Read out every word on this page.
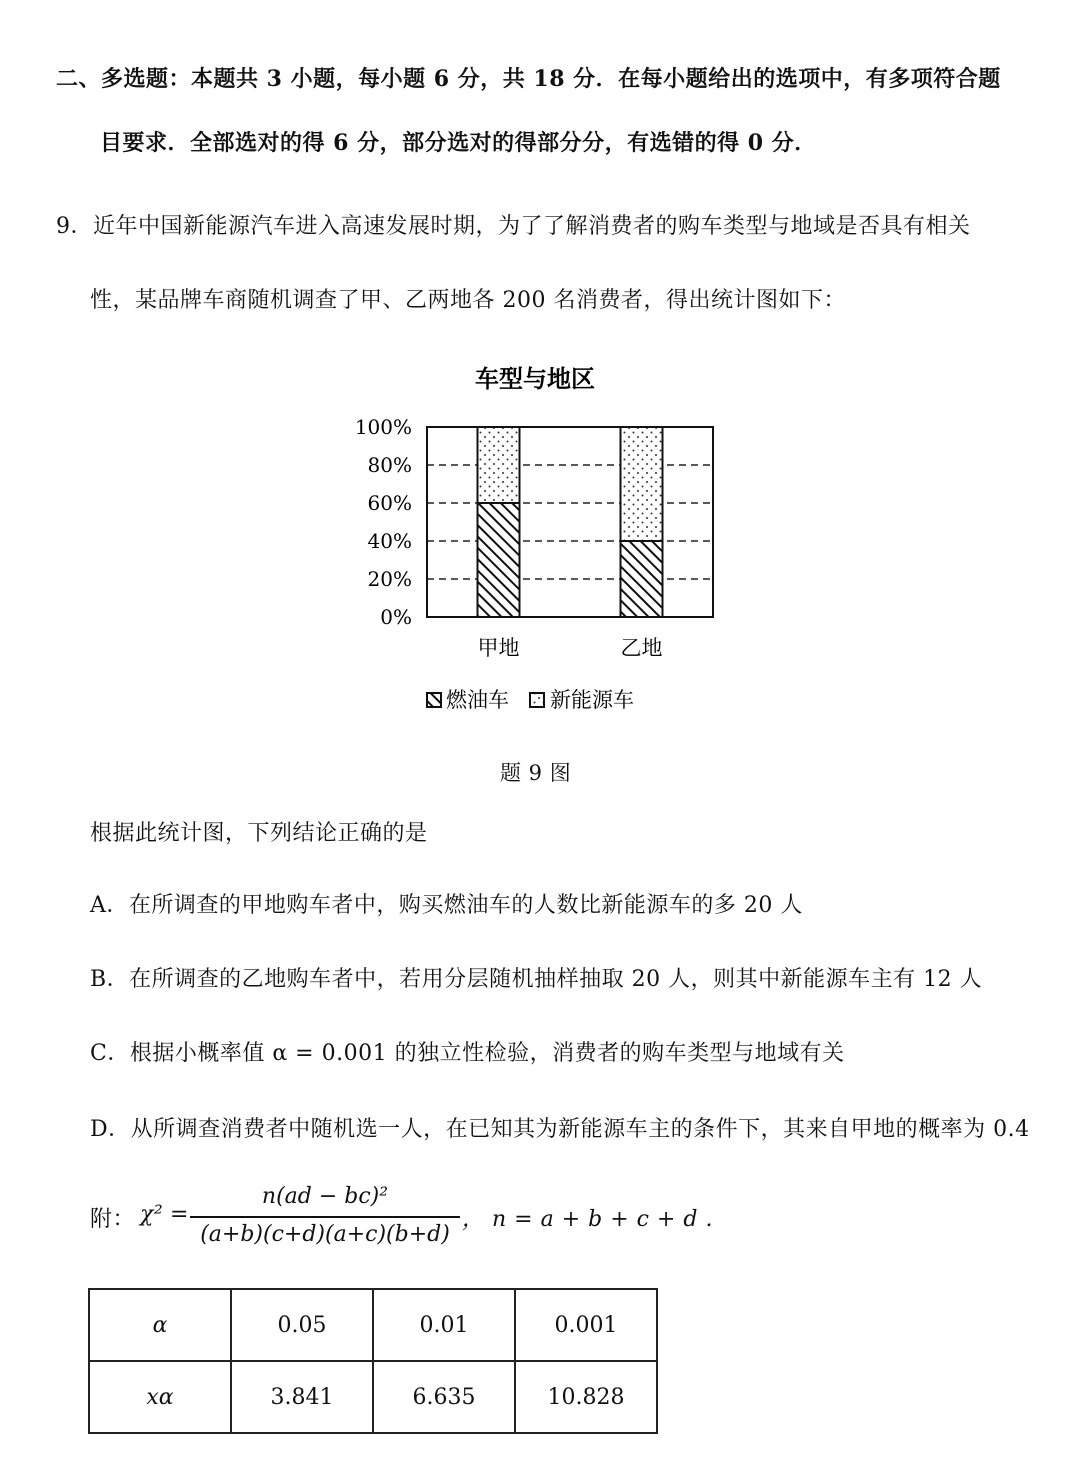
二、多选题：本题共 3 小题，每小题 6 分，共 18 分．在每小题给出的选项中，有多项符合题
目要求．全部选对的得 6 分，部分选对的得部分分，有选错的得 0 分．
9．近年中国新能源汽车进入高速发展时期，为了了解消费者的购车类型与地域是否具有相关
性，某品牌车商随机调查了甲、乙两地各 200 名消费者，得出统计图如下：
车型与地区
0%
20%
40%
60%
80%
100%
甲地	乙地
燃油车 新能源车
题 9 图
根据此统计图，下列结论正确的是
A．在所调查的甲地购车者中，购买燃油车的人数比新能源车的多 20 人
B．在所调查的乙地购车者中，若用分层随机抽样抽取 20 人，则其中新能源车主有 12 人
C．根据小概率值 α = 0.001 的独立性检验，消费者的购车类型与地域有关
D．从所调查消费者中随机选一人，在已知其为新能源车主的条件下，其来自甲地的概率为 0.4
附： χ² =
n(ad − bc)²
(a+b)(c+d)(a+c)(b+d)
， n = a + b + c + d .
α	0.05	0.01	0.001
xα	3.841	6.635	10.828
